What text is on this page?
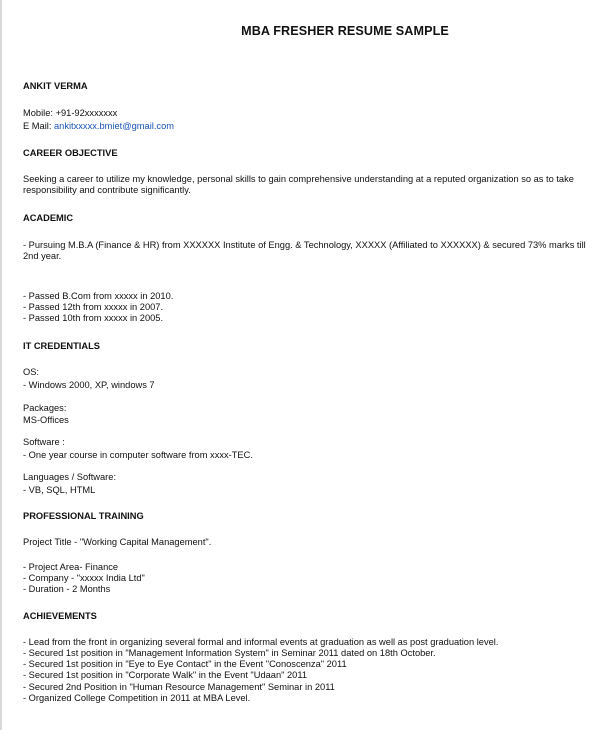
MBA FRESHER RESUME SAMPLE
ANKIT VERMA
Mobile: +91-92xxxxxxx
E Mail: ankitxxxxx.bmiet@gmail.com
CAREER OBJECTIVE
Seeking a career to utilize my knowledge, personal skills to gain comprehensive understanding at a reputed organization so as to take responsibility and contribute significantly.
ACADEMIC
- Pursuing M.B.A (Finance & HR) from XXXXXX Institute of Engg. & Technology, XXXXX (Affiliated to XXXXXX) & secured 73% marks till 2nd year.

- Passed B.Com from xxxxx in 2010.

- Passed 12th from xxxxx in 2007.

- Passed 10th from xxxxx in 2005.

IT CREDENTIALS
OS:
- Windows 2000, XP, windows 7
Packages:
MS-Offices
Software :
- One year course in computer software from xxxx-TEC.
Languages / Software:
- VB, SQL, HTML
PROFESSIONAL TRAINING
Project Title - "Working Capital Management".

- Project Area- Finance

- Company - "xxxxx India Ltd"

- Duration - 2 Months

ACHIEVEMENTS

- Lead from the front in organizing several formal and informal events at graduation as well as post graduation level.

- Secured 1st position in "Management Information System" in Seminar 2011 dated on 18th October.

- Secured 1st position in "Eye to Eye Contact" in the Event "Conoscenza" 2011

- Secured 1st position in "Corporate Walk" in the Event "Udaan" 2011

- Secured 2nd Position in "Human Resource Management" Seminar in 2011

- Organized College Competition in 2011 at MBA Level.
